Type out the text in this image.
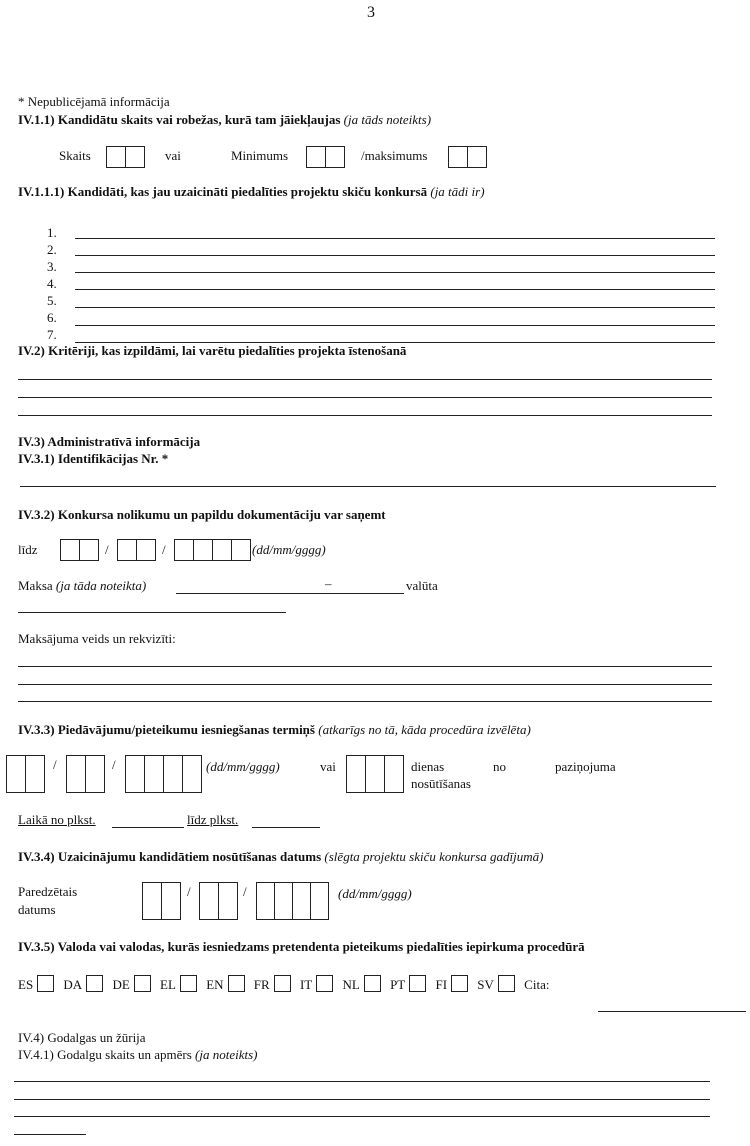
3
* Nepublicējamā informācija
IV.1.1) Kandidātu skaits vai robežas, kurā tam jāiekļaujas (ja tāds noteikts)
Skaits	vai	Minimums	/maksimums
IV.1.1.1) Kandidāti, kas jau uzaicināti piedalīties projektu skiču konkursā (ja tādi ir)
1.
2.
3.
4.
5.
6.
7.
IV.2) Kritēriji, kas izpildāmi, lai varētu piedalīties projekta īstenošanā
IV.3) Administratīvā informācija
IV.3.1) Identifikācijas Nr. *
IV.3.2) Konkursa nolikumu un papildu dokumentāciju var saņemt
līdz	/	/	(dd/mm/gggg)
Maksa (ja tāda noteikta)	–	valūta
Maksājuma veids un rekvizīti:
IV.3.3) Piedāvājumu/pieteikumu iesniegšanas termiņš (atkarīgs no tā, kāda procedūra izvēlēta)
/	/	(dd/mm/gggg)	vai	dienas	no	paziņojuma
nosūtīšanas
Laikā no plkst.	līdz plkst.
IV.3.4) Uzaicinājumu kandidātiem nosūtīšanas datums (slēgta projektu skiču konkursa gadījumā)
Paredzētais
datums
/	/	(dd/mm/gggg)
IV.3.5) Valoda vai valodas, kurās iesniedzams pretendenta pieteikums piedalīties iepirkuma procedūrā
ES DA DE EL EN FR IT NL PT FI SV Cita:
IV.4) Godalgas un žūrija
IV.4.1) Godalgu skaits un apmērs (ja noteikts)
